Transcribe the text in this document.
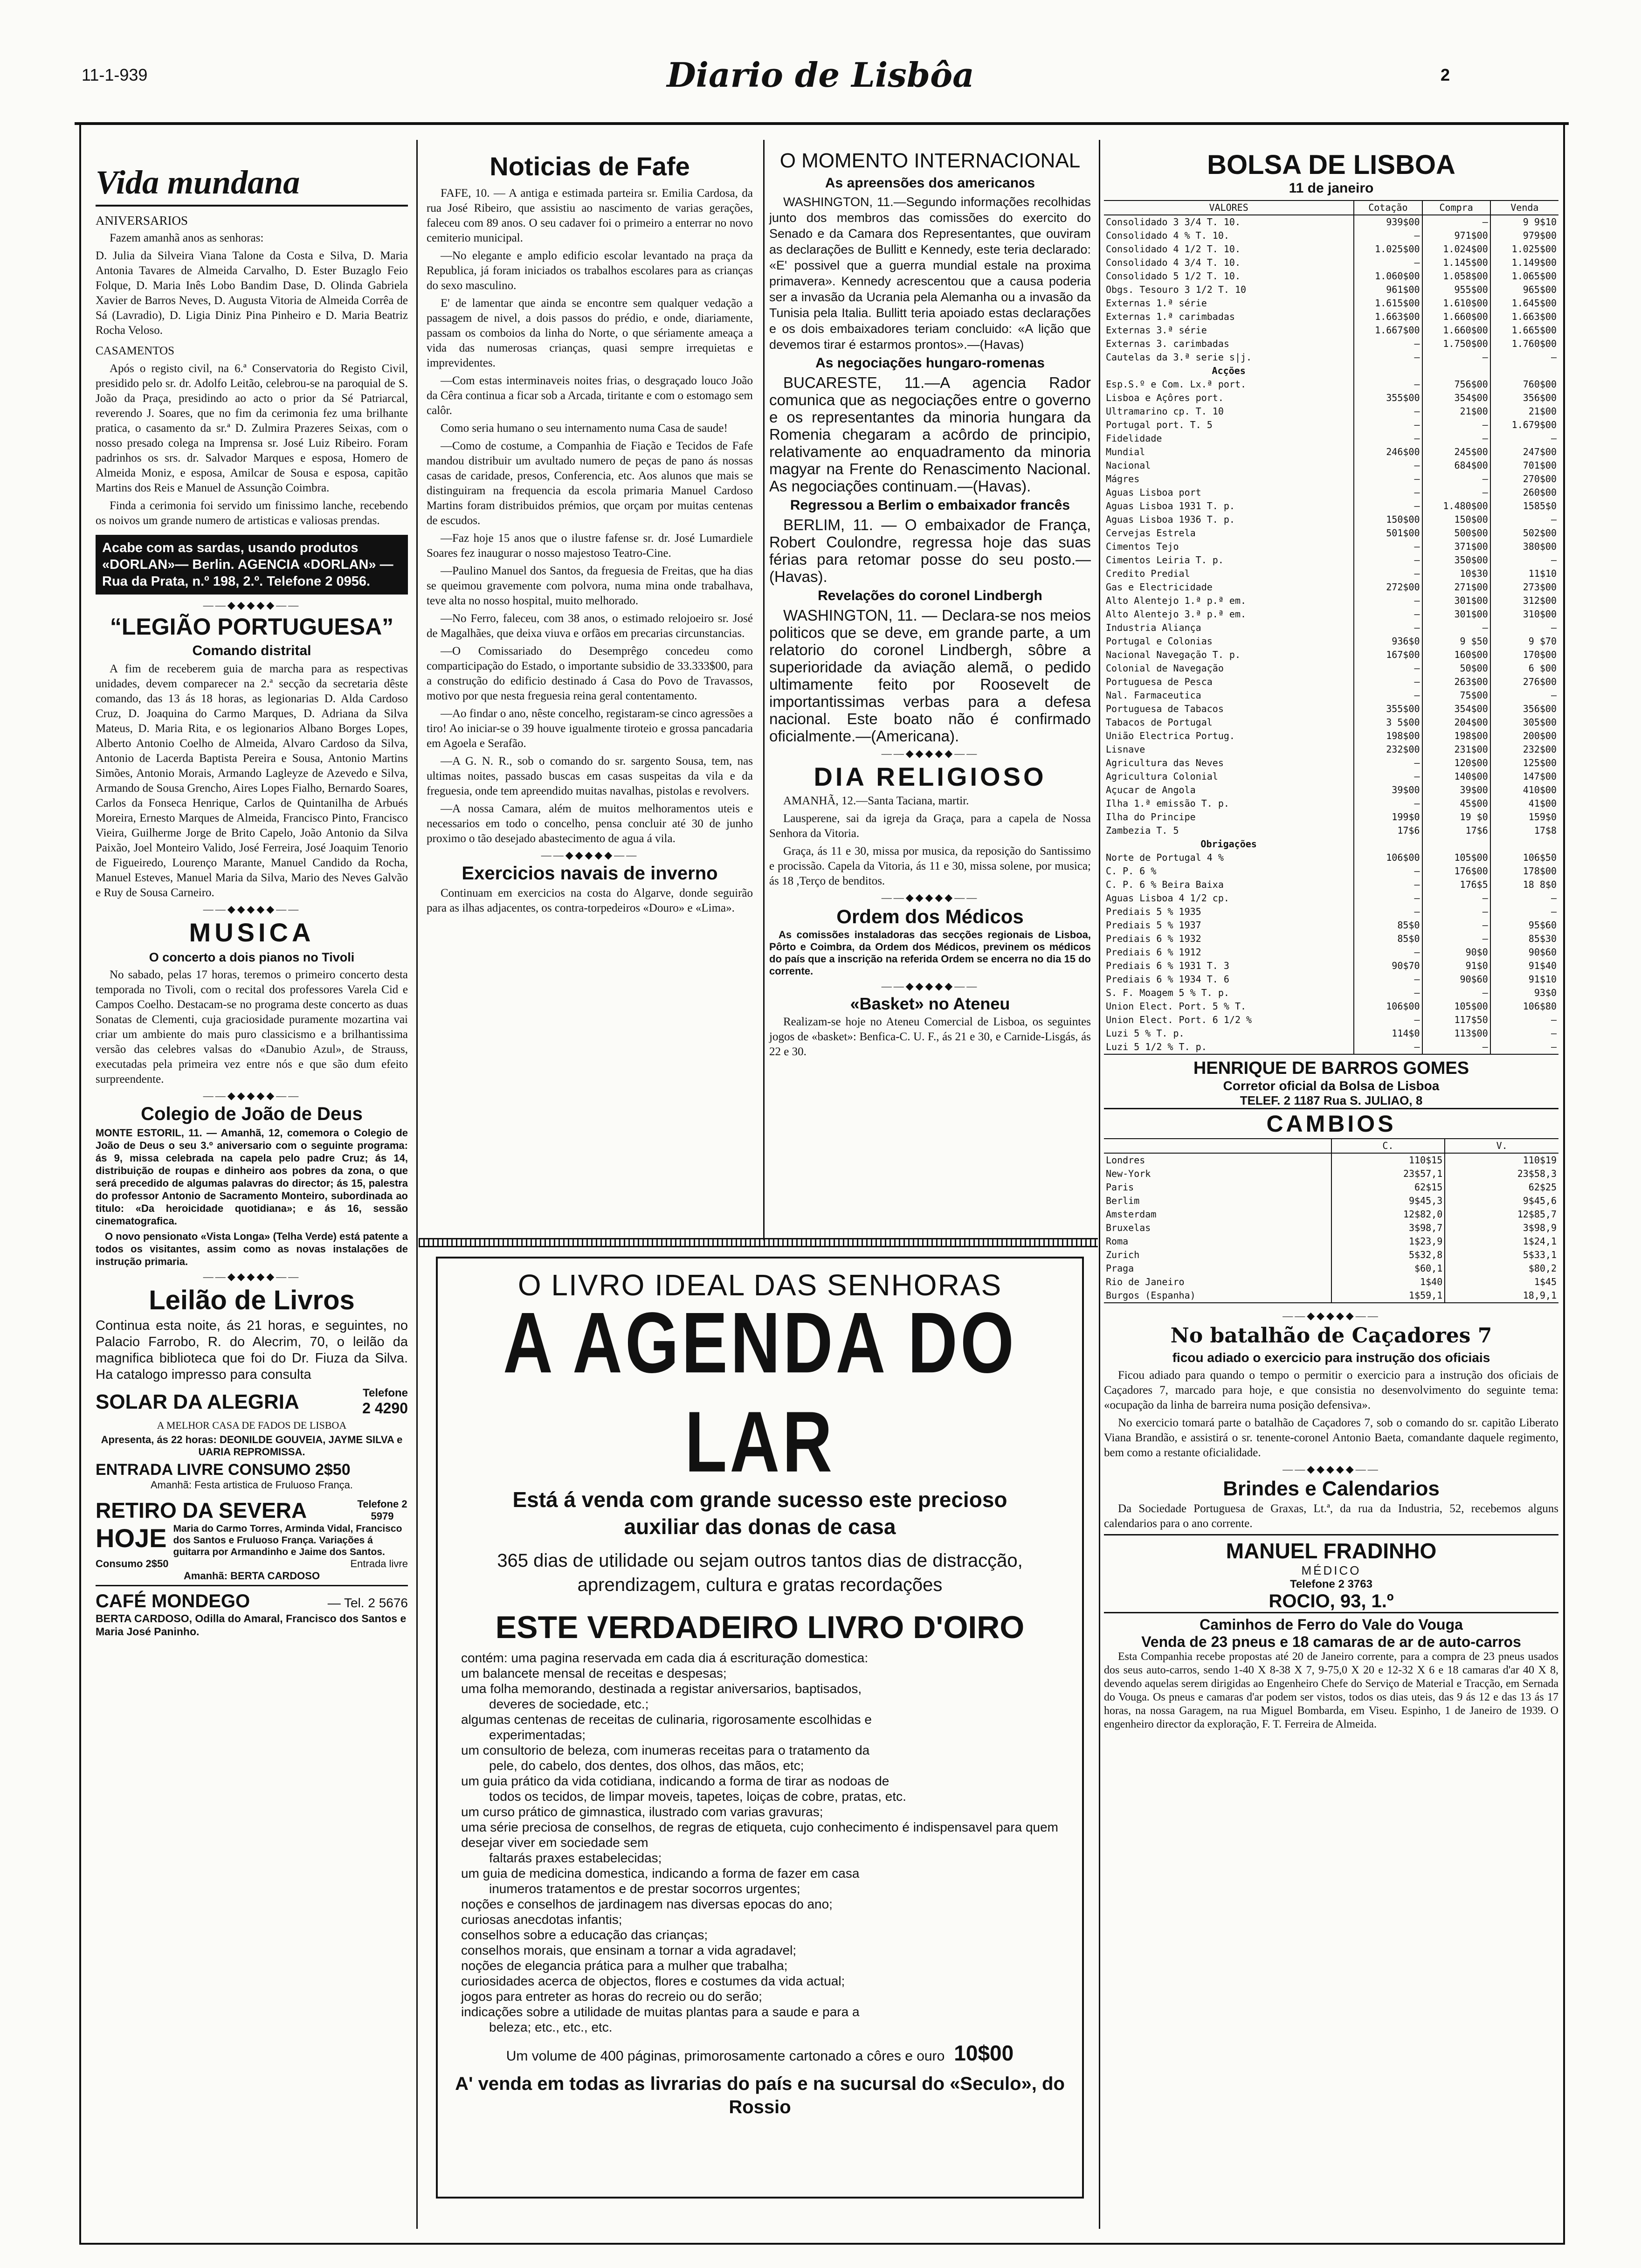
11-1-939	Diario de Lisbôa	2
Vida mundana
ANIVERSARIOS

Fazem amanhã anos as senhoras:

D. Julia da Silveira Viana Talone da Costa e Silva, D. Maria Antonia Tavares de Almeida Carvalho, D. Ester Buzaglo Feio Folque, D. Maria Inês Lobo Bandim Dase, D. Olinda Gabriela Xavier de Barros Neves, D. Augusta Vitoria de Almeida Corrêa de Sá (Lavradio), D. Ligia Diniz Pina Pinheiro e D. Maria Beatriz Rocha Veloso.

CASAMENTOS

Após o registo civil, na 6.ª Conservatoria do Registo Civil, presidido pelo sr. dr. Adolfo Leitão, celebrou-se na paroquial de S. João da Praça, presidindo ao acto o prior da Sé Patriarcal, reverendo J. Soares, que no fim da cerimonia fez uma brilhante pratica, o casamento da sr.ª D. Zulmira Prazeres Seixas, com o nosso presado colega na Imprensa sr. José Luiz Ribeiro. Foram padrinhos os srs. dr. Salvador Marques e esposa, Homero de Almeida Moniz, e esposa, Amilcar de Sousa e esposa, capitão Martins dos Reis e Manuel de Assunção Coimbra.

Finda a cerimonia foi servido um finissimo lanche, recebendo os noivos um grande numero de artisticas e valiosas prendas.

Acabe com as sardas, usando produtos «DORLAN»— Berlin. AGENCIA «DORLAN» — Rua da Prata, n.º 198, 2.º. Telefone 2 0956.
——◆◆◆◆◆——
“LEGIÃO PORTUGUESA”
Comando distrital

A fim de receberem guia de marcha para as respectivas unidades, devem comparecer na 2.ª secção da secretaria dêste comando, das 13 ás 18 horas, as legionarias D. Alda Cardoso Cruz, D. Joaquina do Carmo Marques, D. Adriana da Silva Mateus, D. Maria Rita, e os legionarios Albano Borges Lopes, Alberto Antonio Coelho de Almeida, Alvaro Cardoso da Silva, Antonio de Lacerda Baptista Pereira e Sousa, Antonio Martins Simões, Antonio Morais, Armando Lagleyze de Azevedo e Silva, Armando de Sousa Grencho, Aires Lopes Fialho, Bernardo Soares, Carlos da Fonseca Henrique, Carlos de Quintanilha de Arbués Moreira, Ernesto Marques de Almeida, Francisco Pinto, Francisco Vieira, Guilherme Jorge de Brito Capelo, João Antonio da Silva Paixão, Joel Monteiro Valido, José Ferreira, José Joaquim Tenorio de Figueiredo, Lourenço Marante, Manuel Candido da Rocha, Manuel Esteves, Manuel Maria da Silva, Mario des Neves Galvão e Ruy de Sousa Carneiro.

——◆◆◆◆◆——
MUSICA
O concerto a dois pianos no Tivoli

No sabado, pelas 17 horas, teremos o primeiro concerto desta temporada no Tivoli, com o recital dos professores Varela Cid e Campos Coelho. Destacam-se no programa deste concerto as duas Sonatas de Clementi, cuja graciosidade puramente mozartina vai criar um ambiente do mais puro classicismo e a brilhantissima versão das celebres valsas do «Danubio Azul», de Strauss, executadas pela primeira vez entre nós e que são dum efeito surpreendente.

——◆◆◆◆◆——
Colegio de João de Deus

MONTE ESTORIL, 11. — Amanhã, 12, comemora o Colegio de João de Deus o seu 3.º aniversario com o seguinte programa: ás 9, missa celebrada na capela pelo padre Cruz; ás 14, distribuição de roupas e dinheiro aos pobres da zona, o que será precedido de algumas palavras do director; ás 15, palestra do professor Antonio de Sacramento Monteiro, subordinada ao titulo: «Da heroicidade quotidiana»; e ás 16, sessão cinematografica.

O novo pensionato «Vista Longa» (Telha Verde) está patente a todos os visitantes, assim como as novas instalações de instrução primaria.

——◆◆◆◆◆——
Leilão de Livros

Continua esta noite, ás 21 horas, e seguintes, no Palacio Farrobo, R. do Alecrim, 70, o leilão da magnifica biblioteca que foi do Dr. Fiuza da Silva. Ha catalogo impresso para consulta

SOLAR DA ALEGRIA	Telefone
2 4290
A MELHOR CASA DE FADOS DE LISBOA
Apresenta, ás 22 horas: DEONILDE GOUVEIA, JAYME SILVA e UARIA REPROMISSA.
ENTRADA LIVRE CONSUMO 2$50
Amanhã: Festa artistica de Fruluoso França.
RETIRO DA SEVERA	Telefone 2 5979
HOJE Maria do Carmo Torres, Arminda Vidal, Francisco dos Santos e Fruluoso França. Variações á guitarra por Armandinho e Jaime dos Santos.
Consumo 2$50	Entrada livre
Amanhã: BERTA CARDOSO
CAFÉ MONDEGO	— Tel. 2 5676
BERTA CARDOSO, Odilla do Amaral, Francisco dos Santos e Maria José Paninho.
Noticias de Fafe

FAFE, 10. — A antiga e estimada parteira sr. Emilia Cardosa, da rua José Ribeiro, que assistiu ao nascimento de varias gerações, faleceu com 89 anos. O seu cadaver foi o primeiro a enterrar no novo cemiterio municipal.

—No elegante e amplo edificio escolar levantado na praça da Republica, já foram iniciados os trabalhos escolares para as crianças do sexo masculino.

E' de lamentar que ainda se encontre sem qualquer vedação a passagem de nivel, a dois passos do prédio, e onde, diariamente, passam os comboios da linha do Norte, o que sériamente ameaça a vida das numerosas crianças, quasi sempre irrequietas e imprevidentes.

—Com estas interminaveis noites frias, o desgraçado louco João da Cêra continua a ficar sob a Arcada, tiritante e com o estomago sem calôr.

Como seria humano o seu internamento numa Casa de saude!

—Como de costume, a Companhia de Fiação e Tecidos de Fafe mandou distribuir um avultado numero de peças de pano ás nossas casas de caridade, presos, Conferencia, etc. Aos alunos que mais se distinguiram na frequencia da escola primaria Manuel Cardoso Martins foram distribuidos prémios, que orçam por muitas centenas de escudos.

—Faz hoje 15 anos que o ilustre fafense sr. dr. José Lumardiele Soares fez inaugurar o nosso majestoso Teatro-Cine.

—Paulino Manuel dos Santos, da freguesia de Freitas, que ha dias se queimou gravemente com polvora, numa mina onde trabalhava, teve alta no nosso hospital, muito melhorado.

—No Ferro, faleceu, com 38 anos, o estimado relojoeiro sr. José de Magalhães, que deixa viuva e orfãos em precarias circunstancias.

—O Comissariado do Desemprêgo concedeu como comparticipação do Estado, o importante subsidio de 33.333$00, para a construção do edificio destinado á Casa do Povo de Travassos, motivo por que nesta freguesia reina geral contentamento.

—Ao findar o ano, nêste concelho, registaram-se cinco agressões a tiro! Ao iniciar-se o 39 houve igualmente tiroteio e grossa pancadaria em Agoela e Serafão.

—A G. N. R., sob o comando do sr. sargento Sousa, tem, nas ultimas noites, passado buscas em casas suspeitas da vila e da freguesia, onde tem apreendido muitas navalhas, pistolas e revolvers.

—A nossa Camara, além de muitos melhoramentos uteis e necessarios em todo o concelho, pensa concluir até 30 de junho proximo o tão desejado abastecimento de agua á vila.

——◆◆◆◆◆——
Exercicios navais de inverno

Continuam em exercicios na costa do Algarve, donde seguirão para as ilhas adjacentes, os contra-torpedeiros «Douro» e «Lima».

O MOMENTO INTERNACIONAL
As apreensões dos americanos

WASHINGTON, 11.—Segundo informações recolhidas junto dos membros das comissões do exercito do Senado e da Camara dos Representantes, que ouviram as declarações de Bullitt e Kennedy, este teria declarado: «E' possivel que a guerra mundial estale na proxima primavera». Kennedy acrescentou que a causa poderia ser a invasão da Ucrania pela Alemanha ou a invasão da Tunisia pela Italia. Bullitt teria apoiado estas declarações e os dois embaixadores teriam concluido: «A lição que devemos tirar é estarmos prontos».—(Havas)

As negociações hungaro-romenas

BUCARESTE, 11.—A agencia Rador comunica que as negociações entre o governo e os representantes da minoria hungara da Romenia chegaram a acôrdo de principio, relativamente ao enquadramento da minoria magyar na Frente do Renascimento Nacional. As negociações continuam.—(Havas).

Regressou a Berlim o embaixador francês

BERLIM, 11. — O embaixador de França, Robert Coulondre, regressa hoje das suas férias para retomar posse do seu posto.—(Havas).

Revelações do coronel Lindbergh

WASHINGTON, 11. — Declara-se nos meios politicos que se deve, em grande parte, a um relatorio do coronel Lindbergh, sôbre a superioridade da aviação alemã, o pedido ultimamente feito por Roosevelt de importantissimas verbas para a defesa nacional. Este boato não é confirmado oficialmente.—(Americana).

——◆◆◆◆◆——
DIA RELIGIOSO

AMANHÃ, 12.—Santa Taciana, martir.

Lausperene, sai da igreja da Graça, para a capela de Nossa Senhora da Vitoria.

Graça, ás 11 e 30, missa por musica, da reposição do Santissimo e procissão. Capela da Vitoria, ás 11 e 30, missa solene, por musica; ás 18 ,Terço de benditos.

——◆◆◆◆◆——
Ordem dos Médicos

As comissões instaladoras das secções regionais de Lisboa, Pôrto e Coimbra, da Ordem dos Médicos, previnem os médicos do país que a inscrição na referida Ordem se encerra no dia 15 do corrente.

——◆◆◆◆◆——
«Basket» no Ateneu

Realizam-se hoje no Ateneu Comercial de Lisboa, os seguintes jogos de «basket»: Benfica-C. U. F., ás 21 e 30, e Carnide-Lisgás, ás 22 e 30.

O LIVRO IDEAL DAS SENHORAS
A AGENDA DO LAR
Está á venda com grande sucesso este precioso auxiliar das donas de casa
365 dias de utilidade ou sejam outros tantos dias de distracção, aprendizagem, cultura e gratas recordações
ESTE VERDADEIRO LIVRO D'OIRO
contém: uma pagina reservada em cada dia á escrituração domestica:
um balancete mensal de receitas e despesas;
uma folha memorando, destinada a registar aniversarios, baptisados,
deveres de sociedade, etc.;
algumas centenas de receitas de culinaria, rigorosamente escolhidas e
experimentadas;
um consultorio de beleza, com inumeras receitas para o tratamento da
pele, do cabelo, dos dentes, dos olhos, das mãos, etc;
um guia prático da vida cotidiana, indicando a forma de tirar as nodoas de
todos os tecidos, de limpar moveis, tapetes, loiças de cobre, pratas, etc.
um curso prático de gimnastica, ilustrado com varias gravuras;
uma série preciosa de conselhos, de regras de etiqueta, cujo conhecimento é indispensavel para quem desejar viver em sociedade sem
faltarás praxes estabelecidas;
um guia de medicina domestica, indicando a forma de fazer em casa
inumeros tratamentos e de prestar socorros urgentes;
noções e conselhos de jardinagem nas diversas epocas do ano;
curiosas anecdotas infantis;
conselhos sobre a educação das crianças;
conselhos morais, que ensinam a tornar a vida agradavel;
noções de elegancia prática para a mulher que trabalha;
curiosidades acerca de objectos, flores e costumes da vida actual;
jogos para entreter as horas do recreio ou do serão;
indicações sobre a utilidade de muitas plantas para a saude e para a
beleza; etc., etc., etc.
Um volume de 400 páginas, primorosamente cartonado a côres e ouro 10$00
A' venda em todas as livrarias do país e na sucursal do «Seculo», do Rossio
BOLSA DE LISBOA
11 de janeiro
VALORES	Cotação	Compra	Venda
Consolidado 3 3/4 T. 10.	939$00	—	9 9$10
Consolidado 4 % T. 10.	—	971$00	979$00
Consolidado 4 1/2 T. 10.	1.025$00	1.024$00	1.025$00
Consolidado 4 3/4 T. 10.	—	1.145$00	1.149$00
Consolidado 5 1/2 T. 10.	1.060$00	1.058$00	1.065$00
Obgs. Tesouro 3 1/2 T. 10	961$00	955$00	965$00
Externas 1.ª série	1.615$00	1.610$00	1.645$00
Externas 1.ª carimbadas	1.663$00	1.660$00	1.663$00
Externas 3.ª série	1.667$00	1.660$00	1.665$00
Externas 3. carimbadas	—	1.750$00	1.760$00
Cautelas da 3.ª serie s|j.	—	—	—
Acções			
Esp.S.º e Com. Lx.ª port.	—	756$00	760$00
Lisboa e Açôres port.	355$00	354$00	356$00
Ultramarino cp. T. 10	—	21$00	21$00
Portugal port. T. 5	—	—	1.679$00
Fidelidade	—	—	—
Mundial	246$00	245$00	247$00
Nacional	—	684$00	701$00
Mágres	—	—	270$00
Aguas Lisboa port	—	—	260$00
Aguas Lisboa 1931 T. p.	—	1.480$00	1585$0
Aguas Lisboa 1936 T. p.	150$00	150$00	—
Cervejas Estrela	501$00	500$00	502$00
Cimentos Tejo	—	371$00	380$00
Cimentos Leiria T. p.	—	350$00	—
Credito Predial	—	10$30	11$10
Gas e Electricidade	272$00	271$00	273$00
Alto Alentejo 1.ª p.ª em.	—	301$00	312$00
Alto Alentejo 3.ª p.ª em.	—	301$00	310$00
Industria Aliança	—	—	—
Portugal e Colonias	936$0	9 $50	9 $70
Nacional Navegação T. p.	167$00	160$00	170$00
Colonial de Navegação	—	50$00	6 $00
Portuguesa de Pesca	—	263$00	276$00
Nal. Farmaceutica	—	75$00	—
Portuguesa de Tabacos	355$00	354$00	356$00
Tabacos de Portugal	3 5$00	204$00	305$00
União Electrica Portug.	198$00	198$00	200$00
Lisnave	232$00	231$00	232$00
Agricultura das Neves	—	120$00	125$00
Agricultura Colonial	—	140$00	147$00
Açucar de Angola	39$00	39$00	410$00
Ilha 1.ª emissão T. p.	—	45$00	41$00
Ilha do Principe	199$0	19 $0	159$0
Zambezia T. 5	17$6	17$6	17$8
Obrigações			
Norte de Portugal 4 %	106$00	105$00	106$50
C. P. 6 %	—	176$00	178$00
C. P. 6 % Beira Baixa	—	176$5	18 8$0
Aguas Lisboa 4 1/2 cp.	—	—	—
Prediais 5 % 1935	—	—	—
Prediais 5 % 1937	85$0	—	95$60
Prediais 6 % 1932	85$0	—	85$30
Prediais 6 % 1912	—	90$0	90$60
Prediais 6 % 1931 T. 3	90$70	91$0	91$40
Prediais 6 % 1934 T. 6	—	90$60	91$10
S. F. Moagem 5 % T. p.	—	—	93$0
Union Elect. Port. 5 % T.	106$00	105$00	106$80
Union Elect. Port. 6 1/2 %	—	117$50	—
Luzi 5 % T. p.	114$0	113$00	—
Luzi 5 1/2 % T. p.	—	—	—
HENRIQUE DE BARROS GOMES
Corretor oficial da Bolsa de Lisboa
TELEF. 2 1187 Rua S. JULIAO, 8
CAMBIOS
	C.	V.
Londres	110$15	110$19
New-York	23$57,1	23$58,3
Paris	62$15	62$25
Berlim	9$45,3	9$45,6
Amsterdam	12$82,0	12$85,7
Bruxelas	3$98,7	3$98,9
Roma	1$23,9	1$24,1
Zurich	5$32,8	5$33,1
Praga	$60,1	$80,2
Rio de Janeiro	1$40	1$45
Burgos (Espanha)	1$59,1	18,9,1
——◆◆◆◆◆——
No batalhão de Caçadores 7
ficou adiado o exercicio para instrução dos oficiais

Ficou adiado para quando o tempo o permitir o exercicio para a instrução dos oficiais de Caçadores 7, marcado para hoje, e que consistia no desenvolvimento do seguinte tema: «ocupação da linha de barreira numa posição defensiva».

No exercicio tomará parte o batalhão de Caçadores 7, sob o comando do sr. capitão Liberato Viana Brandão, e assistirá o sr. tenente-coronel Antonio Baeta, comandante daquele regimento, bem como a restante oficialidade.

——◆◆◆◆◆——
Brindes e Calendarios

Da Sociedade Portuguesa de Graxas, Lt.ª, da rua da Industria, 52, recebemos alguns calendarios para o ano corrente.

MANUEL FRADINHO
MÉDICO
Telefone 2 3763
ROCIO, 93, 1.º
Caminhos de Ferro do Vale do Vouga
Venda de 23 pneus e 18 camaras de ar de auto-carros

Esta Companhia recebe propostas até 20 de Janeiro corrente, para a compra de 23 pneus usados dos seus auto-carros, sendo 1-40 X 8-38 X 7, 9-75,0 X 20 e 12-32 X 6 e 18 camaras d'ar 40 X 8, devendo aquelas serem dirigidas ao Engenheiro Chefe do Serviço de Material e Tracção, em Sernada do Vouga. Os pneus e camaras d'ar podem ser vistos, todos os dias uteis, das 9 ás 12 e das 13 ás 17 horas, na nossa Garagem, na rua Miguel Bombarda, em Viseu. Espinho, 1 de Janeiro de 1939. O engenheiro director da exploração, F. T. Ferreira de Almeida.
